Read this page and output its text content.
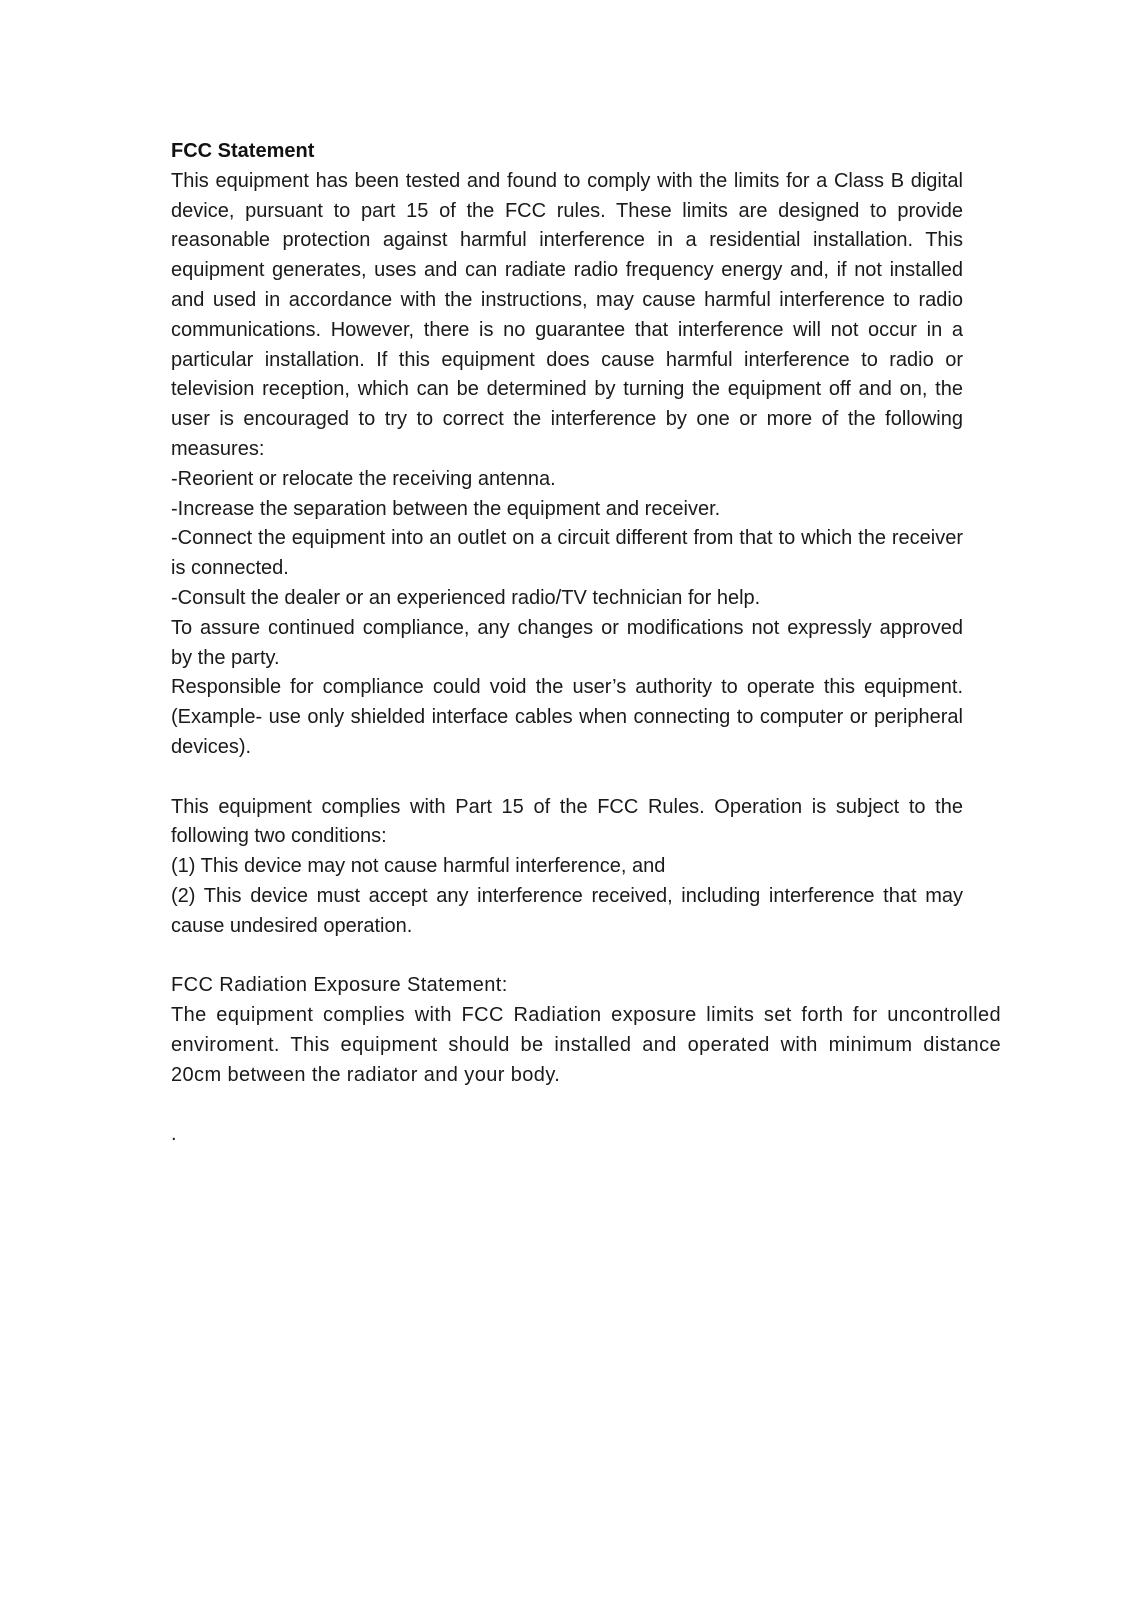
FCC Statement

This equipment has been tested and found to comply with the limits for a Class B digital device, pursuant to part 15 of the FCC rules. These limits are designed to provide reasonable protection against harmful interference in a residential installation. This equipment generates, uses and can radiate radio frequency energy and, if not installed and used in accordance with the instructions, may cause harmful interference to radio communications. However, there is no guarantee that interference will not occur in a particular installation. If this equipment does cause harmful interference to radio or television reception, which can be determined by turning the equipment off and on, the user is encouraged to try to correct the interference by one or more of the following measures:

-Reorient or relocate the receiving antenna.

-Increase the separation between the equipment and receiver.

-Connect the equipment into an outlet on a circuit different from that to which the receiver is connected.

-Consult the dealer or an experienced radio/TV technician for help.

To assure continued compliance, any changes or modifications not expressly approved by the party.

Responsible for compliance could void the user’s authority to operate this equipment. (Example- use only shielded interface cables when connecting to computer or peripheral devices).

This equipment complies with Part 15 of the FCC Rules. Operation is subject to the following two conditions:

(1) This device may not cause harmful interference, and

(2) This device must accept any interference received, including interference that may cause undesired operation.

FCC Radiation Exposure Statement:

The equipment complies with FCC Radiation exposure limits set forth for uncontrolled enviroment. This equipment should be installed and operated with minimum distance 20cm between the radiator and your body.

.
